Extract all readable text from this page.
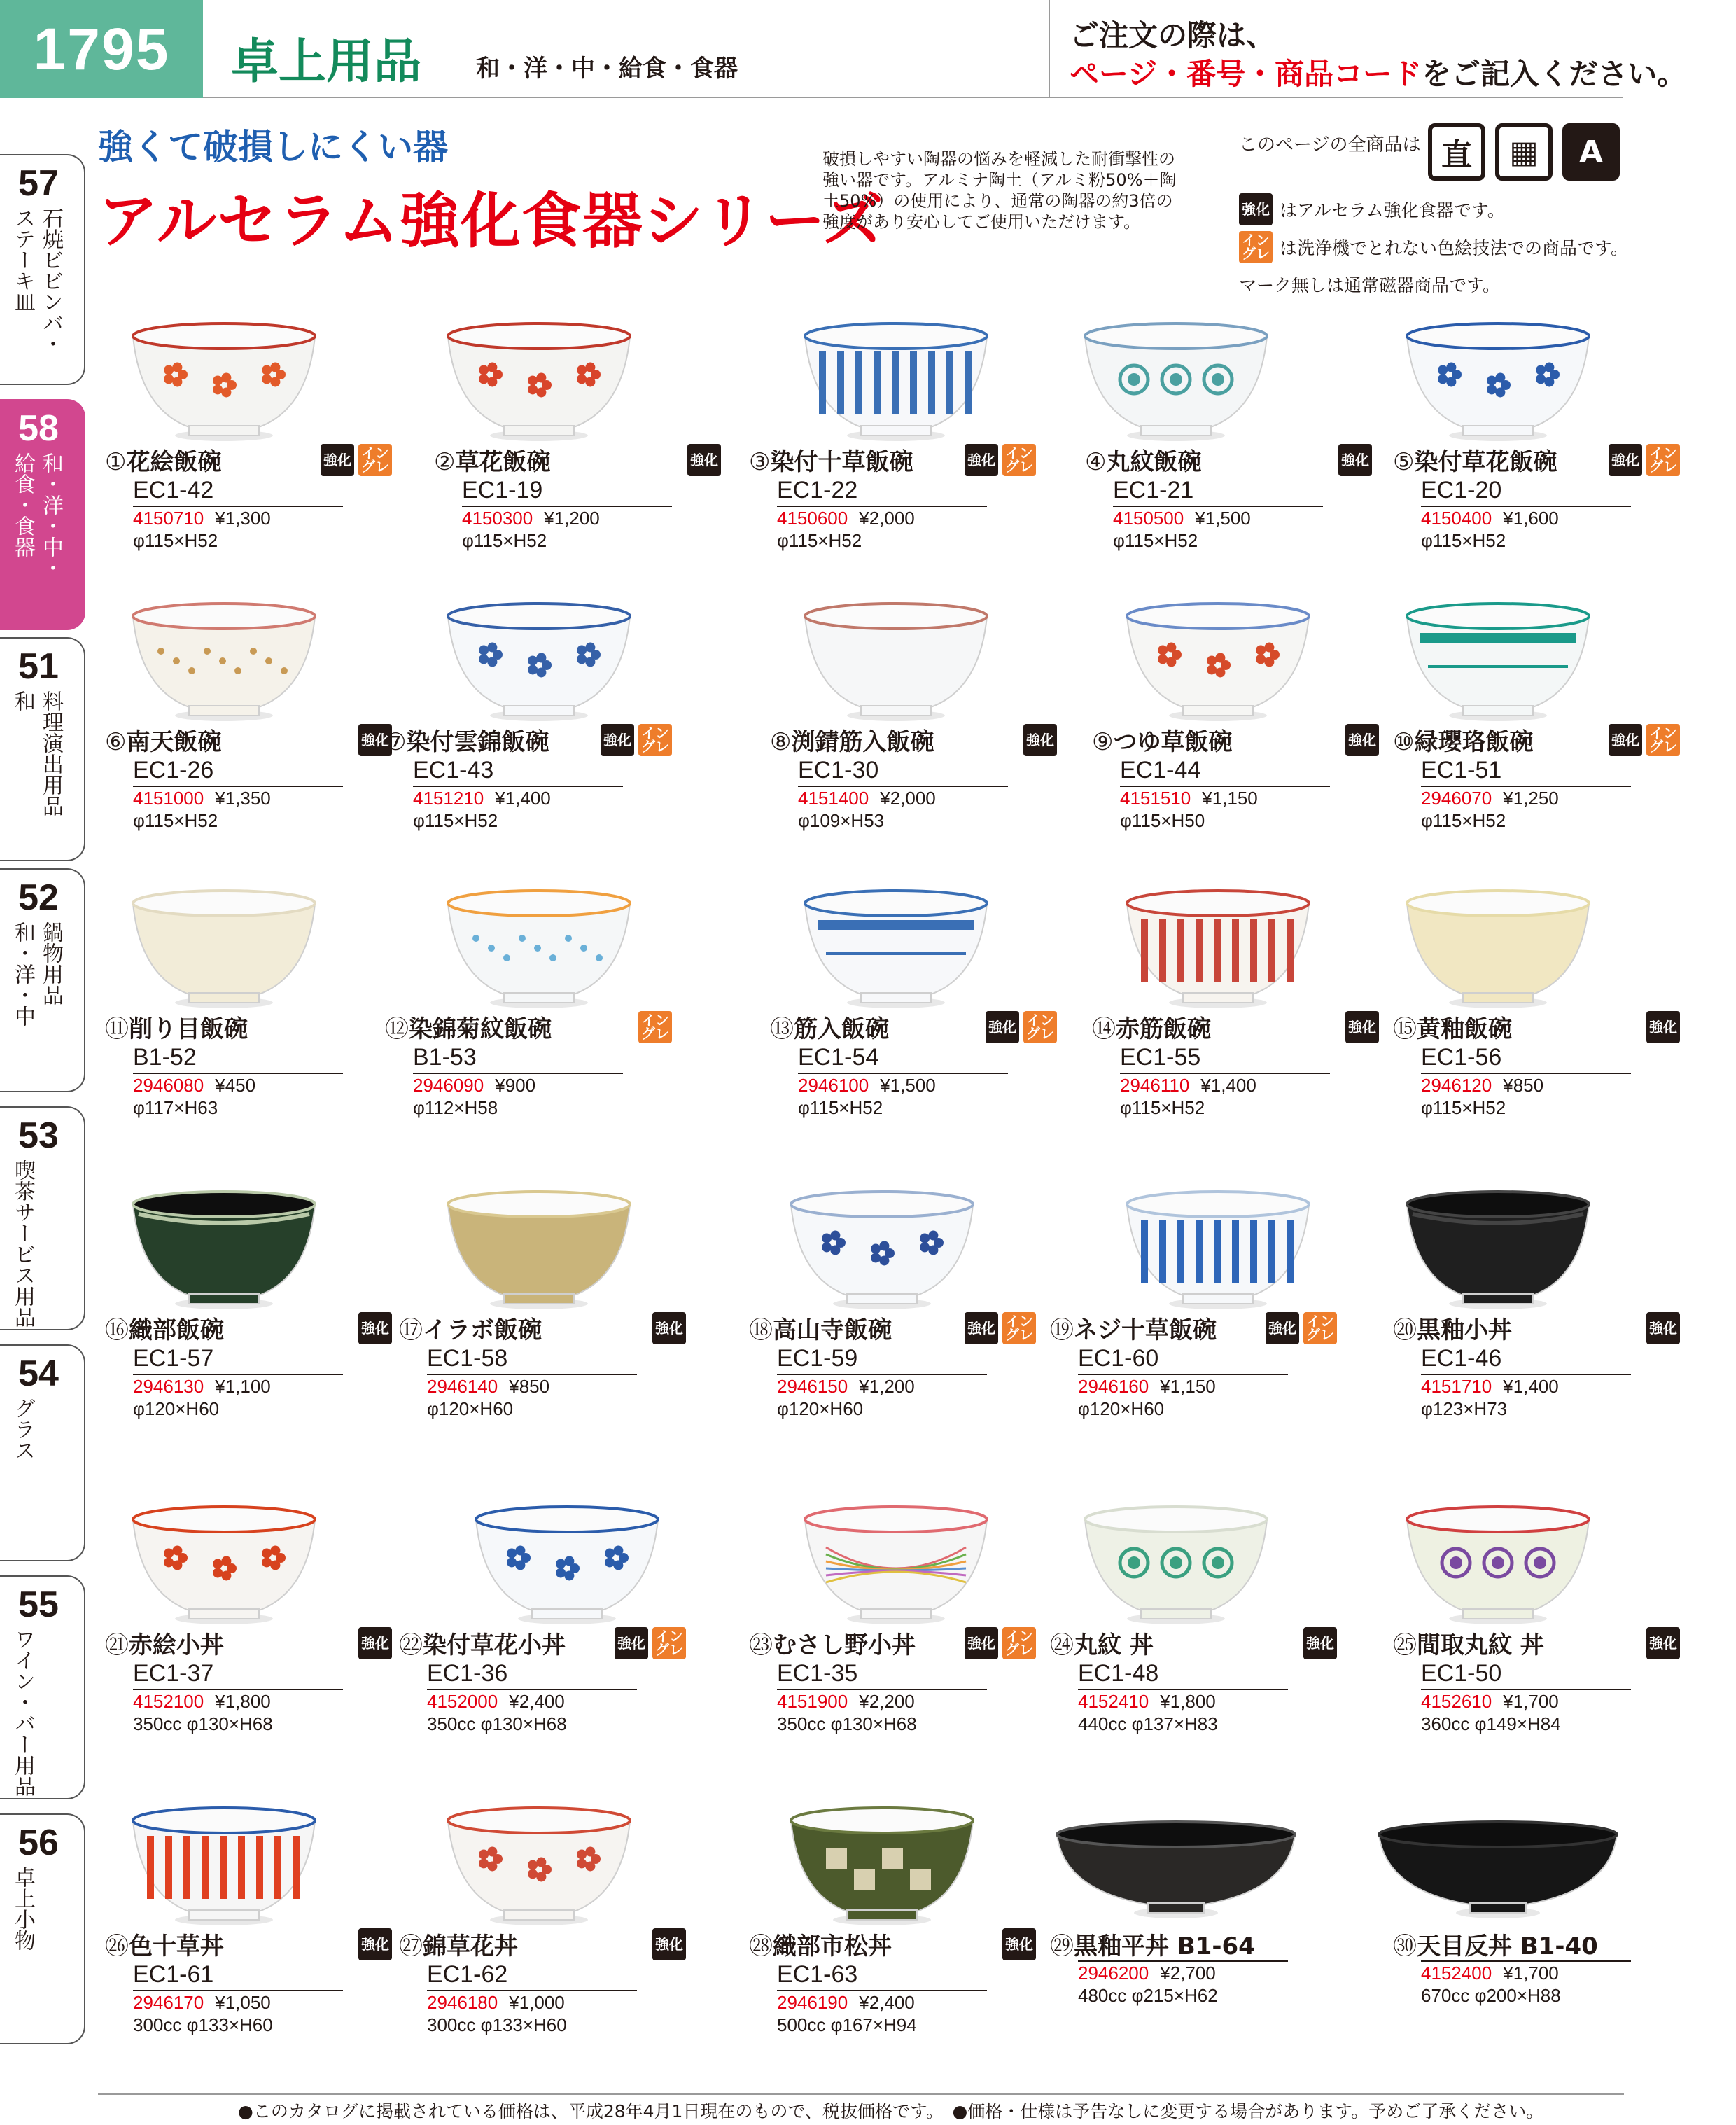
1795	卓上用品 和・洋・中・給食・食器
ご注文の際は、
ページ・番号・商品コードをご記入ください。
57
石焼ビビンバ・
ステーキ皿
58
和・洋・中・
給食・食器
51
料理演出用品
和
52
鍋物用品
和・洋・中
53
喫茶サービス用品
54
グラス
55
ワイン・バー用品
56
卓上小物
強くて破損しにくい器
アルセラム強化食器シリーズ
破損しやすい陶器の悩みを軽減した耐衝撃性の強い器です。アルミナ陶土（アルミ粉50%＋陶土50%）の使用により、通常の陶器の約3倍の強度があり安心してご使用いただけます。
このページの全商品は 直	▦	A
強化 はアルセラム強化食器です。
イン
グレ は洗浄機でとれない色絵技法での商品です。
マーク無しは通常磁器商品です。
①花絵飯碗
EC1-42
強化 イン
グレ
4150710 ¥1,300
φ115×H52
②草花飯碗
EC1-19
強化
4150300 ¥1,200
φ115×H52
③染付十草飯碗
EC1-22
強化 イン
グレ
4150600 ¥2,000
φ115×H52
④丸紋飯碗
EC1-21
強化
4150500 ¥1,500
φ115×H52
⑤染付草花飯碗
EC1-20
強化 イン
グレ
4150400 ¥1,600
φ115×H52
⑥南天飯碗
EC1-26
強化
4151000 ¥1,350
φ115×H52
⑦染付雲錦飯碗
EC1-43
強化 イン
グレ
4151210 ¥1,400
φ115×H52
⑧渕錆筋入飯碗
EC1-30
強化
4151400 ¥2,000
φ109×H53
⑨つゆ草飯碗
EC1-44
強化
4151510 ¥1,150
φ115×H50
⑩緑瓔珞飯碗
EC1-51
強化 イン
グレ
2946070 ¥1,250
φ115×H52
⑪削り目飯碗
B1-52
2946080 ¥450
φ117×H63
⑫染錦菊紋飯碗
B1-53
イン
グレ
2946090 ¥900
φ112×H58
⑬筋入飯碗
EC1-54
強化 イン
グレ
2946100 ¥1,500
φ115×H52
⑭赤筋飯碗
EC1-55
強化
2946110 ¥1,400
φ115×H52
⑮黄釉飯碗
EC1-56
強化
2946120 ¥850
φ115×H52
⑯織部飯碗
EC1-57
強化
2946130 ¥1,100
φ120×H60
⑰イラボ飯碗
EC1-58
強化
2946140 ¥850
φ120×H60
⑱高山寺飯碗
EC1-59
強化 イン
グレ
2946150 ¥1,200
φ120×H60
⑲ネジ十草飯碗
EC1-60
強化 イン
グレ
2946160 ¥1,150
φ120×H60
⑳黒釉小丼
EC1-46
強化
4151710 ¥1,400
φ123×H73
㉑赤絵小丼
EC1-37
強化
4152100 ¥1,800
350cc φ130×H68
㉒染付草花小丼
EC1-36
強化 イン
グレ
4152000 ¥2,400
350cc φ130×H68
㉓むさし野小丼
EC1-35
強化 イン
グレ
4151900 ¥2,200
350cc φ130×H68
㉔丸紋 丼
EC1-48
強化
4152410 ¥1,800
440cc φ137×H83
㉕間取丸紋 丼
EC1-50
強化
4152610 ¥1,700
360cc φ149×H84
㉖色十草丼
EC1-61
強化
2946170 ¥1,050
300cc φ133×H60
㉗錦草花丼
EC1-62
強化
2946180 ¥1,000
300cc φ133×H60
㉘織部市松丼
EC1-63
強化
2946190 ¥2,400
500cc φ167×H94
㉙黒釉平丼 B1-64
2946200 ¥2,700
480cc φ215×H62
㉚天目反丼 B1-40
4152400 ¥1,700
670cc φ200×H88
●このカタログに掲載されている価格は、平成28年4月1日現在のもので、税抜価格です。　●価格・仕様は予告なしに変更する場合があります。予めご了承ください。
